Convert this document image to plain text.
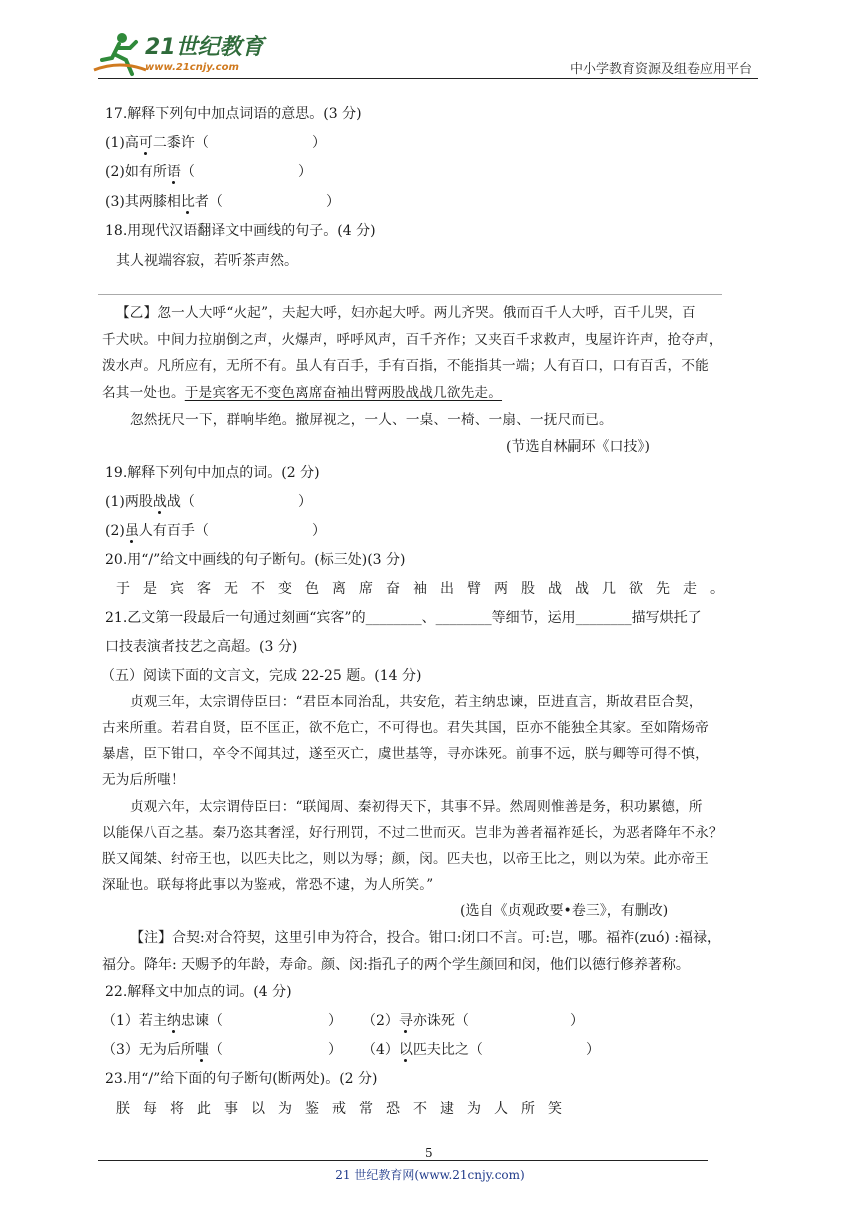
21世纪教育
www.21cnjy.com	中小学教育资源及组卷应用平台
17.解释下列句中加点词语的意思。(3 分)
(1)高可二黍许（	）
(2)如有所语（	）
(3)其两膝相比者（	）
18.用现代汉语翻译文中画线的句子。(4 分)
其人视端容寂，若听茶声然。
【乙】忽一人大呼“火起”，夫起大呼，妇亦起大呼。两儿齐哭。俄而百千人大呼，百千儿哭，百
千犬吠。中间力拉崩倒之声，火爆声，呼呼风声，百千齐作；又夹百千求救声，曳屋许许声，抢夺声，
泼水声。凡所应有，无所不有。虽人有百手，手有百指，不能指其一端；人有百口，口有百舌，不能
名其一处也。于是宾客无不变色离席奋袖出臂两股战战几欲先走。
忽然抚尺一下，群响毕绝。撤屏视之，一人、一桌、一椅、一扇、一抚尺而已。
(节选自林嗣环《口技》)
19.解释下列句中加点的词。(2 分)
(1)两股战战（	）
(2)虽人有百手（	）
20.用“/”给文中画线的句子断句。(标三处)(3 分)
于是宾客无不变色离席奋袖出臂两股战战几欲先走。
21.乙文第一段最后一句通过刻画“宾客”的________、________等细节，运用________描写烘托了
口技表演者技艺之高超。(3 分)
（五）阅读下面的文言文，完成 22-25 题。(14 分)
贞观三年，太宗谓侍臣曰：“君臣本同治乱，共安危，若主纳忠谏，臣进直言，斯故君臣合契，
古来所重。若君自贤，臣不匡正，欲不危亡，不可得也。君失其国，臣亦不能独全其家。至如隋炀帝
暴虐，臣下钳口，卒令不闻其过，遂至灭亡，虞世基等，寻亦诛死。前事不远，朕与卿等可得不慎，
无为后所嗤！
贞观六年，太宗谓侍臣曰：“联闻周、秦初得天下，其事不异。然周则惟善是务，积功累德，所
以能保八百之基。秦乃恣其奢淫，好行刑罚，不过二世而灭。岂非为善者福祚延长，为恶者降年不永？
朕又闻桀、纣帝王也，以匹夫比之，则以为辱；颜，闵。匹夫也，以帝王比之，则以为荣。此亦帝王
深耻也。联每将此事以为鉴戒，常恐不逮，为人所笑。”
(选自《贞观政要•卷三》，有删改)
【注】合契:对合符契，这里引申为符合，投合。钳口:闭口不言。可:岂，哪。福祚(zuó) :福禄，
福分。降年: 天赐予的年龄，寿命。颜、闵:指孔子的两个学生颜回和闵，他们以德行修养著称。
22.解释文中加点的词。(4 分)
（1）若主纳忠谏（	） （2）寻亦诛死（	）
（3）无为后所嗤（	） （4）以匹夫比之（	）
23.用“/”给下面的句子断句(断两处)。(2 分)
朕每将此事以为鉴戒常恐不逮为人所笑
5
21 世纪教育网(www.21cnjy.com)
